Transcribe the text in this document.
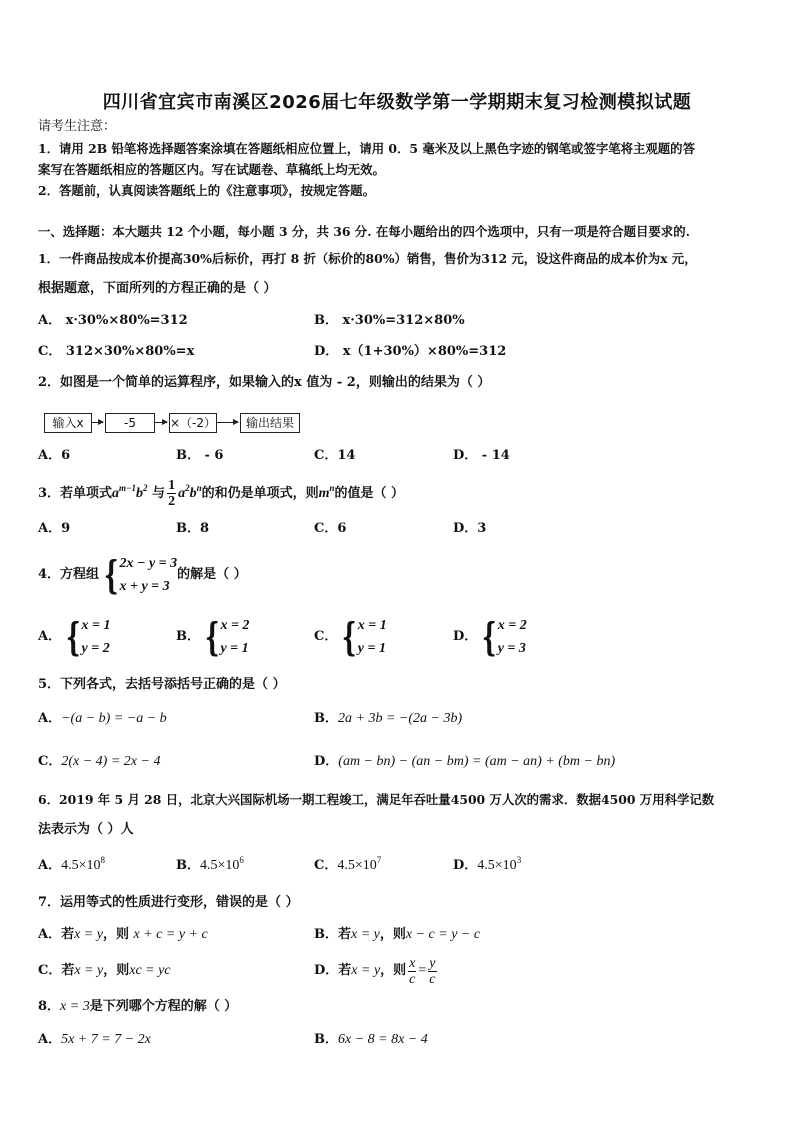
四川省宜宾市南溪区2026届七年级数学第一学期期末复习检测模拟试题
请考生注意：
1．请用 2B 铅笔将选择题答案涂填在答题纸相应位置上，请用 0．5 毫米及以上黑色字迹的钢笔或签字笔将主观题的答
案写在答题纸相应的答题区内。写在试题卷、草稿纸上均无效。
2．答题前，认真阅读答题纸上的《注意事项》，按规定答题。
一、选择题：本大题共 12 个小题，每小题 3 分，共 36 分. 在每小题给出的四个选项中，只有一项是符合题目要求的.
1．一件商品按成本价提高30%后标价，再打 8 折（标价的80%）销售，售价为312 元，设这件商品的成本价为x 元，
根据题意，下面所列的方程正确的是（ ）
A． x·30%×80%=312	B． x·30%=312×80%
C． 312×30%×80%=x	D． x（1+30%）×80%=312
2．如图是一个简单的运算程序，如果输入的x 值为 - 2，则输出的结果为（ ）
输入x	-5	×（-2）	输出结果
A．6	B． - 6	C．14	D． - 14
3．若单项式$a^{m-1}b^2$ 与 $\frac{1}{2} a^2b^n$的和仍是单项式，则$m^n$的值是（ ）
A．9	B．8	C．6	D．3
4．方程组 { 2x − y = 3
x + y = 3
的解是（ ）
A． { x = 1
y = 2
B． { x = 2
y = 1
C． { x = 1
y = 1
D． { x = 2
y = 3
5．下列各式，去括号添括号正确的是（ ）
A．−(a − b) = −a − b	B．2a + 3b = −(2a − 3b)
C．2(x − 4) = 2x − 4	D．(am − bn) − (an − bm) = (am − an) + (bm − bn)
6．2019 年 5 月 28 日，北京大兴国际机场一期工程竣工，满足年吞吐量4500 万人次的需求．数据4500 万用科学记数
法表示为（ ）人
A．$4.5\times 10^8$	B．$4.5\times 10^6$	C．$4.5\times 10^7$	D．$4.5\times 10^3$
7．运用等式的性质进行变形，错误的是（ ）
A．若x = y，则 x + c = y + c	B．若x = y，则x − c = y − c
C．若x = y，则xc = yc	D．若 x = y ，则 $\frac{x}{c} = \frac{y}{c}$
8．x = 3是下列哪个方程的解（ ）
A．5x + 7 = 7 − 2x	B．6x − 8 = 8x − 4
